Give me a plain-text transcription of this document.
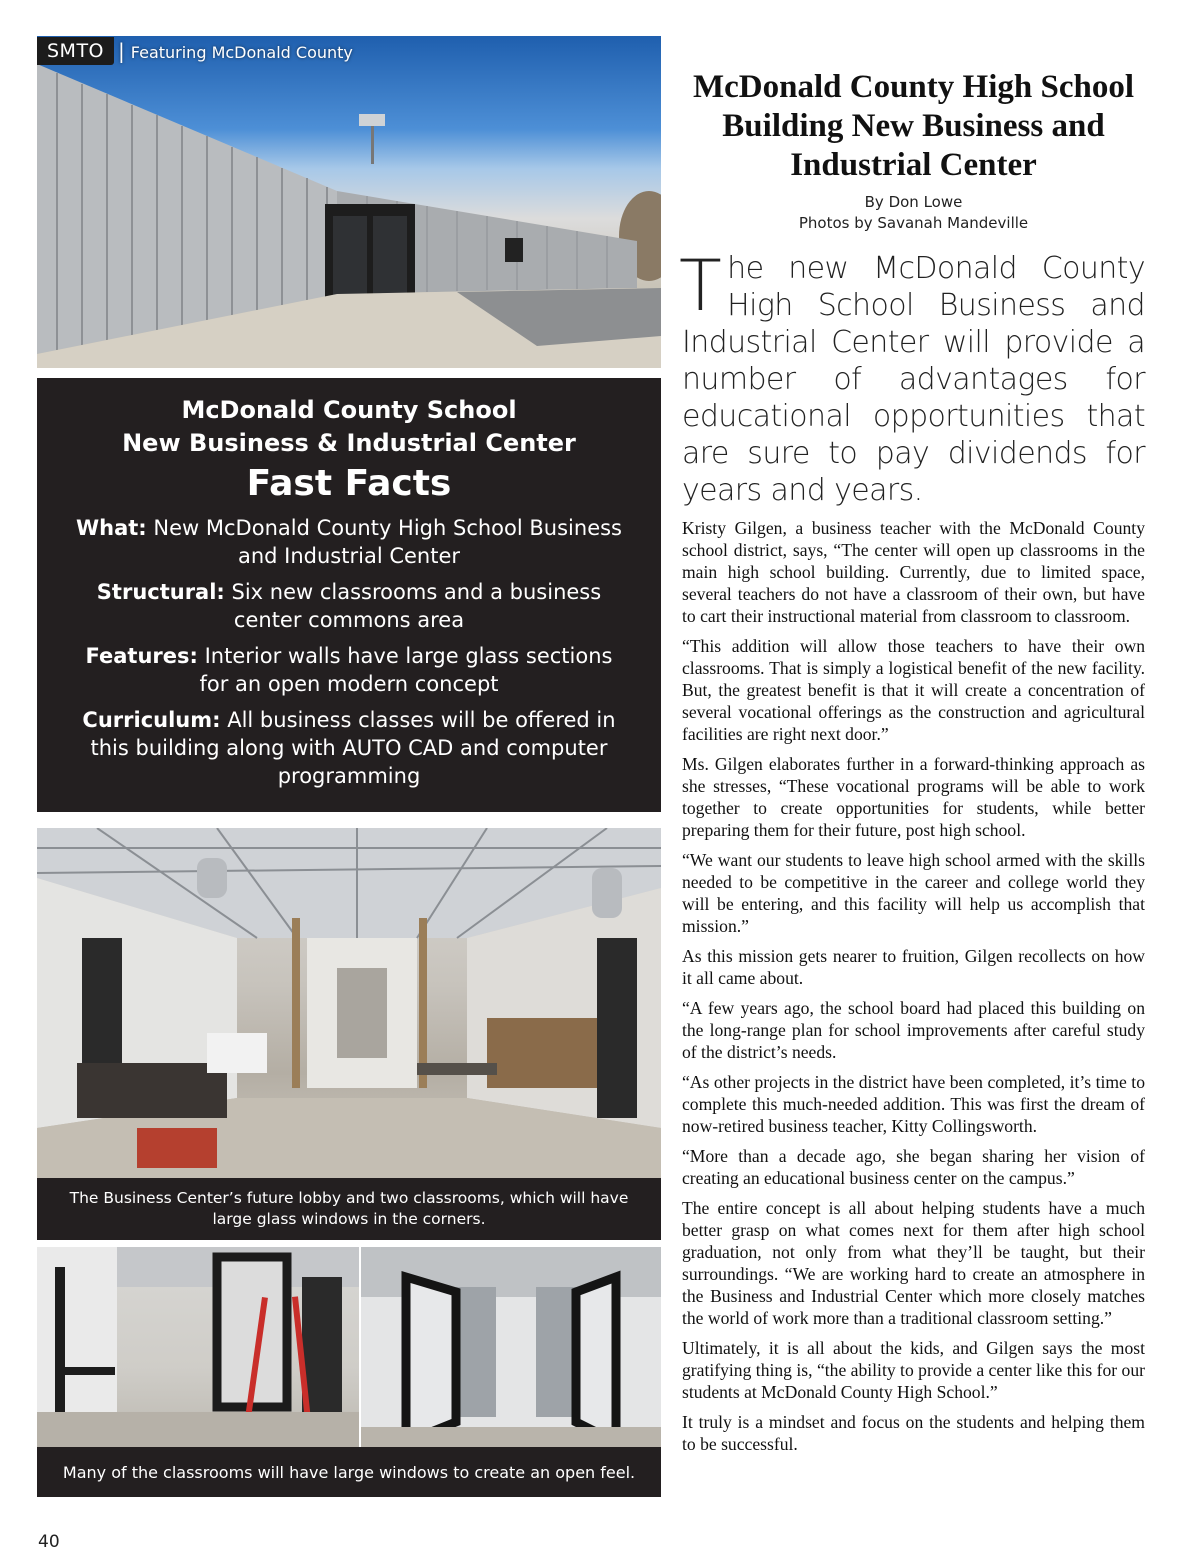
SMTO | Featuring McDonald County
McDonald County School
New Business & Industrial Center
Fast Facts
What: New McDonald County High School Business and Industrial Center
Structural: Six new classrooms and a business center commons area
Features: Interior walls have large glass sections for an open modern concept
Curriculum: All business classes will be offered in this building along with AUTO CAD and computer programming
The Business Center’s future lobby and two classrooms, which will have large glass windows in the corners.
Many of the classrooms will have large windows to create an open feel.
40
McDonald County High School Building New Business and Industrial Center
By Don Lowe
Photos by Savanah Mandeville
The new McDonald County High School Business and Industrial Center will provide a number of advantages for educational opportunities that are sure to pay dividends for years and years.

Kristy Gilgen, a business teacher with the McDonald County school district, says, “The center will open up classrooms in the main high school building. Currently, due to limited space, several teachers do not have a classroom of their own, but have to cart their instructional material from classroom to classroom.

“This addition will allow those teachers to have their own classrooms. That is simply a logistical benefit of the new facility. But, the greatest benefit is that it will create a concentration of several vocational offerings as the construction and agricultural facilities are right next door.”

Ms. Gilgen elaborates further in a forward-thinking approach as she stresses, “These vocational programs will be able to work together to create opportunities for students, while better preparing them for their future, post high school.

“We want our students to leave high school armed with the skills needed to be competitive in the career and college world they will be entering, and this facility will help us accomplish that mission.”

As this mission gets nearer to fruition, Gilgen recollects on how it all came about.

“A few years ago, the school board had placed this building on the long-range plan for school improvements after careful study of the district’s needs.

“As other projects in the district have been completed, it’s time to complete this much-needed addition. This was first the dream of now-retired business teacher, Kitty Collingsworth.

“More than a decade ago, she began sharing her vision of creating an educational business center on the campus.”

The entire concept is all about helping students have a much better grasp on what comes next for them after high school graduation, not only from what they’ll be taught, but their surroundings. “We are working hard to create an atmosphere in the Business and Industrial Center which more closely matches the world of work more than a traditional classroom setting.”

Ultimately, it is all about the kids, and Gilgen says the most gratifying thing is, “the ability to provide a center like this for our students at McDonald County High School.”

It truly is a mindset and focus on the students and helping them to be successful.
